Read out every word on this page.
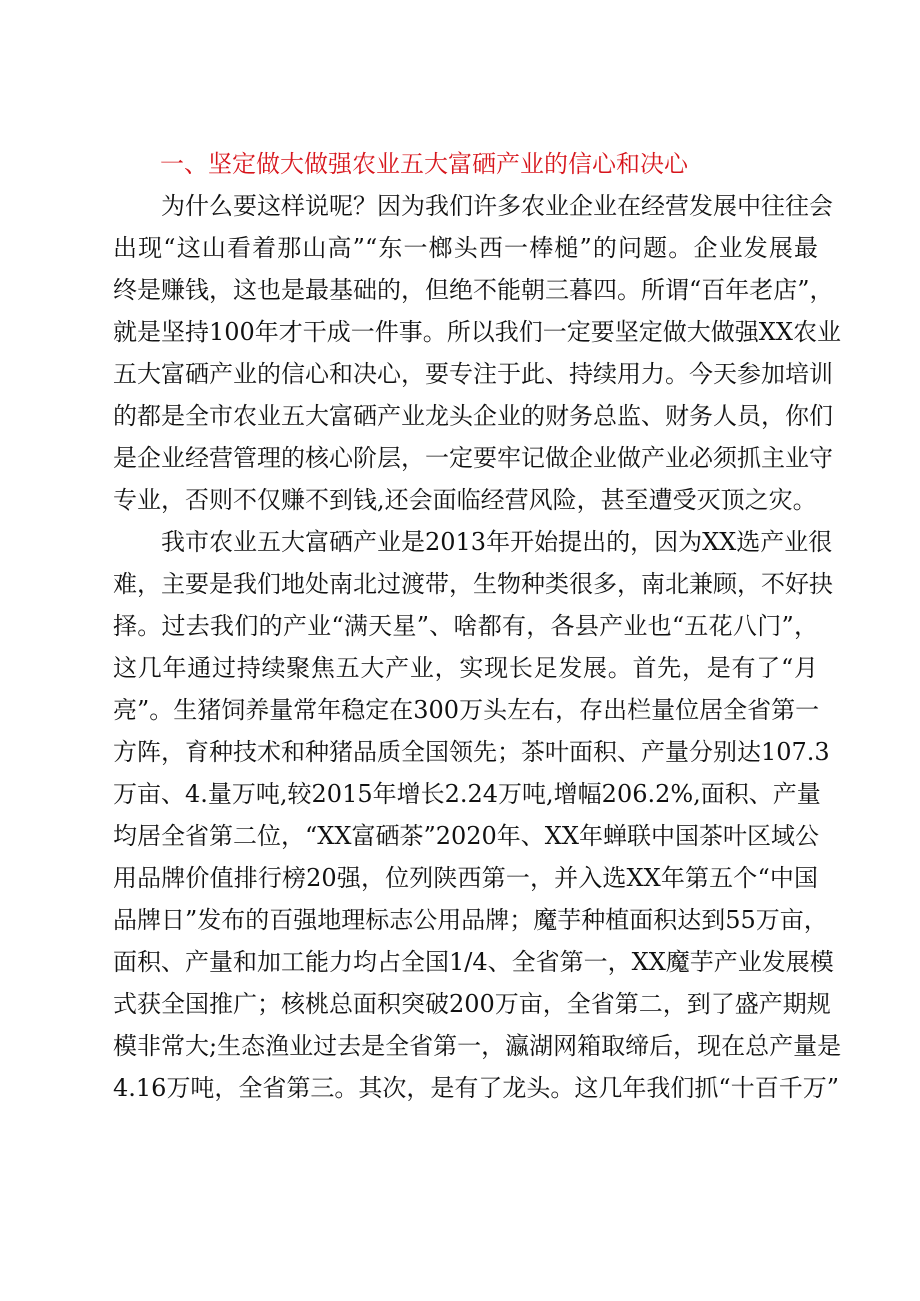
一、坚定做大做强农业五大富硒产业的信心和决心
为什么要这样说呢？因为我们许多农业企业在经营发展中往往会
出现“这山看着那山高”“东一榔头西一棒槌”的问题。企业发展最
终是赚钱，这也是最基础的，但绝不能朝三暮四。所谓“百年老店”，
就是坚持100年才干成一件事。所以我们一定要坚定做大做强XX农业
五大富硒产业的信心和决心，要专注于此、持续用力。今天参加培训
的都是全市农业五大富硒产业龙头企业的财务总监、财务人员，你们
是企业经营管理的核心阶层，一定要牢记做企业做产业必须抓主业守
专业，否则不仅赚不到钱,还会面临经营风险，甚至遭受灭顶之灾。
我市农业五大富硒产业是2013年开始提出的，因为XX选产业很
难，主要是我们地处南北过渡带，生物种类很多，南北兼顾，不好抉
择。过去我们的产业“满天星”、啥都有，各县产业也“五花八门”，
这几年通过持续聚焦五大产业，实现长足发展。首先，是有了“月
亮”。生猪饲养量常年稳定在300万头左右，存出栏量位居全省第一
方阵，育种技术和种猪品质全国领先；茶叶面积、产量分别达107.3
万亩、4.量万吨,较2015年增长2.24万吨,增幅206.2%,面积、产量
均居全省第二位，“XX富硒茶”2020年、XX年蝉联中国茶叶区域公
用品牌价值排行榜20强，位列陕西第一，并入选XX年第五个“中国
品牌日”发布的百强地理标志公用品牌；魔芋种植面积达到55万亩，
面积、产量和加工能力均占全国1/4、全省第一，XX魔芋产业发展模
式获全国推广；核桃总面积突破200万亩，全省第二，到了盛产期规
模非常大;生态渔业过去是全省第一，瀛湖网箱取缔后，现在总产量是
4.16万吨，全省第三。其次，是有了龙头。这几年我们抓“十百千万”
